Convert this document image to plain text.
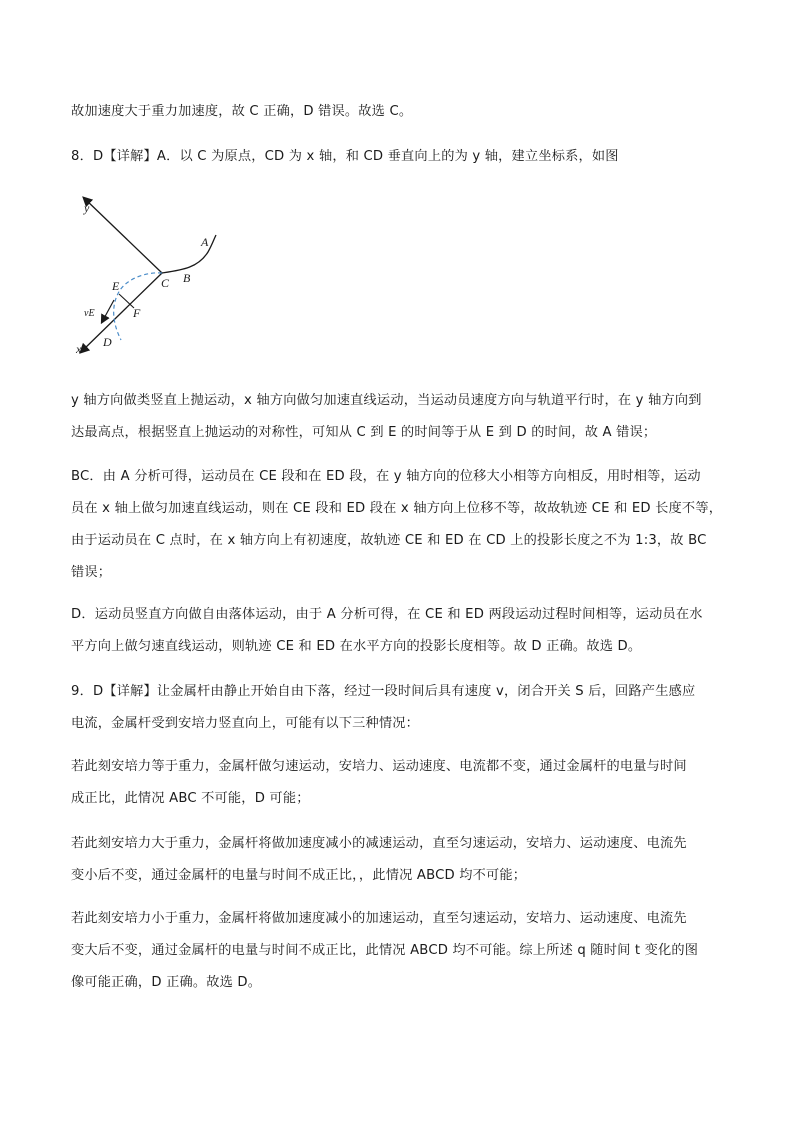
故加速度大于重力加速度，故 C 正确，D 错误。故选 C。
8．D【详解】A．以 C 为原点，CD 为 x 轴，和 CD 垂直向上的为 y 轴，建立坐标系，如图
y
x
A
B
C
D
E
F
vE
y 轴方向做类竖直上抛运动，x 轴方向做匀加速直线运动，当运动员速度方向与轨道平行时，在 y 轴方向到
达最高点，根据竖直上抛运动的对称性，可知从 C 到 E 的时间等于从 E 到 D 的时间，故 A 错误；
BC．由 A 分析可得，运动员在 CE 段和在 ED 段，在 y 轴方向的位移大小相等方向相反，用时相等，运动
员在 x 轴上做匀加速直线运动，则在 CE 段和 ED 段在 x 轴方向上位移不等，故故轨迹 CE 和 ED 长度不等，
由于运动员在 C 点时，在 x 轴方向上有初速度，故轨迹 CE 和 ED 在 CD 上的投影长度之不为 1:3，故 BC
错误；
D．运动员竖直方向做自由落体运动，由于 A 分析可得，在 CE 和 ED 两段运动过程时间相等，运动员在水
平方向上做匀速直线运动，则轨迹 CE 和 ED 在水平方向的投影长度相等。故 D 正确。故选 D。
9．D【详解】让金属杆由静止开始自由下落，经过一段时间后具有速度 v，闭合开关 S 后，回路产生感应
电流，金属杆受到安培力竖直向上，可能有以下三种情况：
若此刻安培力等于重力，金属杆做匀速运动，安培力、运动速度、电流都不变，通过金属杆的电量与时间
成正比，此情况 ABC 不可能，D 可能；
若此刻安培力大于重力，金属杆将做加速度减小的减速运动，直至匀速运动，安培力、运动速度、电流先
变小后不变，通过金属杆的电量与时间不成正比，，此情况 ABCD 均不可能；
若此刻安培力小于重力，金属杆将做加速度减小的加速运动，直至匀速运动，安培力、运动速度、电流先
变大后不变，通过金属杆的电量与时间不成正比，此情况 ABCD 均不可能。综上所述 q 随时间 t 变化的图
像可能正确，D 正确。故选 D。
